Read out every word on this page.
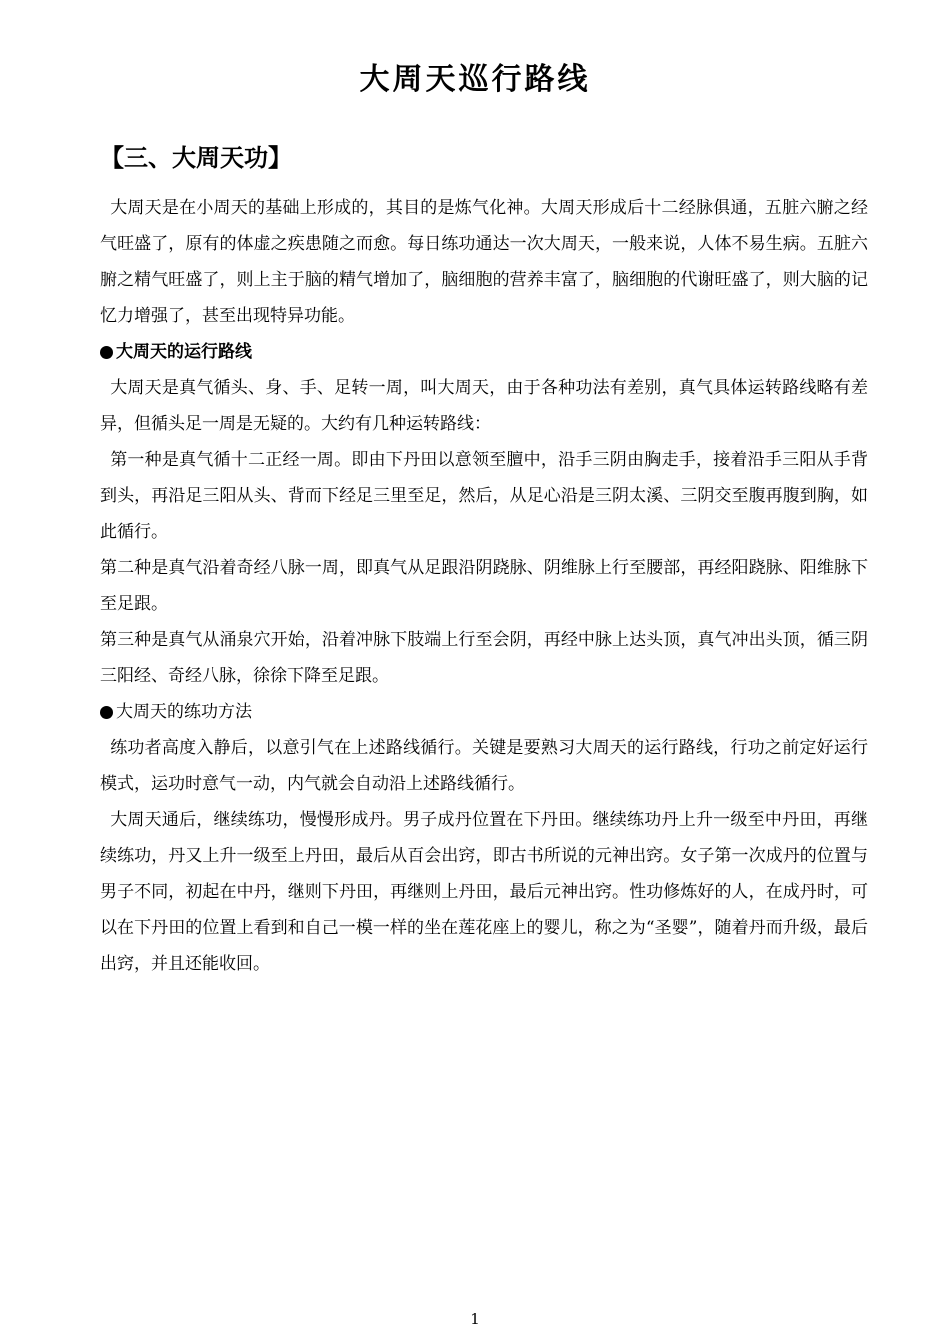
大周天巡行路线
【三、大周天功】

大周天是在小周天的基础上形成的，其目的是炼气化神。大周天形成后十二经脉俱通，五脏六腑之经气旺盛了，原有的体虚之疾患随之而愈。每日练功通达一次大周天，一般来说，人体不易生病。五脏六腑之精气旺盛了，则上主于脑的精气增加了，脑细胞的营养丰富了，脑细胞的代谢旺盛了，则大脑的记忆力增强了，甚至出现特异功能。

大周天的运行路线

大周天是真气循头、身、手、足转一周，叫大周天，由于各种功法有差别，真气具体运转路线略有差异，但循头足一周是无疑的。大约有几种运转路线：

第一种是真气循十二正经一周。即由下丹田以意领至膻中，沿手三阴由胸走手，接着沿手三阳从手背到头，再沿足三阳从头、背而下经足三里至足，然后，从足心沿是三阴太溪、三阴交至腹再腹到胸，如此循行。

第二种是真气沿着奇经八脉一周，即真气从足跟沿阴跷脉、阴维脉上行至腰部，再经阳跷脉、阳维脉下至足跟。

第三种是真气从涌泉穴开始，沿着冲脉下肢端上行至会阴，再经中脉上达头顶，真气冲出头顶，循三阴三阳经、奇经八脉，徐徐下降至足跟。

大周天的练功方法

练功者高度入静后，以意引气在上述路线循行。关键是要熟习大周天的运行路线，行功之前定好运行模式，运功时意气一动，内气就会自动沿上述路线循行。

大周天通后，继续练功，慢慢形成丹。男子成丹位置在下丹田。继续练功丹上升一级至中丹田，再继续练功，丹又上升一级至上丹田，最后从百会出窍，即古书所说的元神出窍。女子第一次成丹的位置与男子不同，初起在中丹，继则下丹田，再继则上丹田，最后元神出窍。性功修炼好的人，在成丹时，可以在下丹田的位置上看到和自己一模一样的坐在莲花座上的婴儿，称之为“圣婴”，随着丹而升级，最后出窍，并且还能收回。

1
